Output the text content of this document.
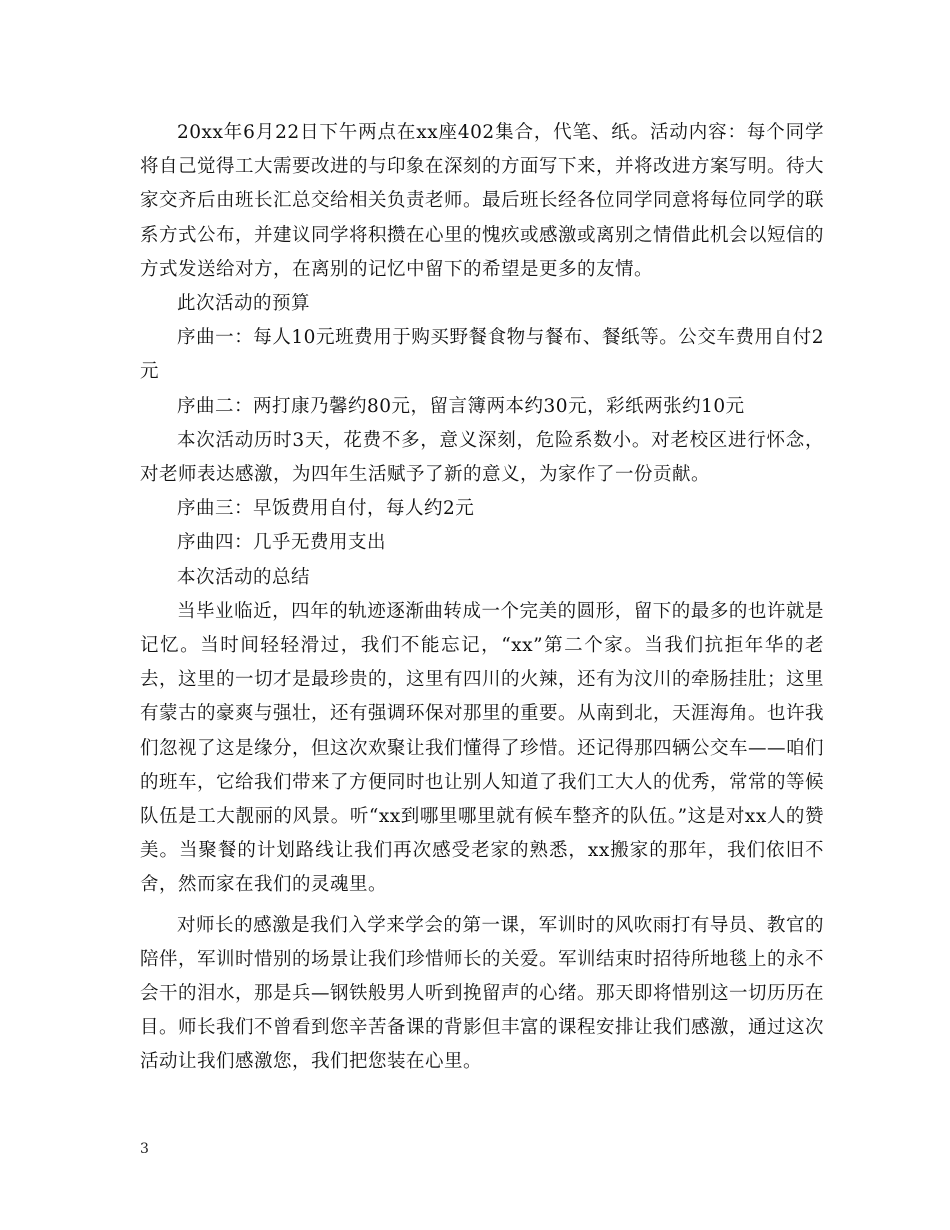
20xx年6月22日下午两点在xx座402集合，代笔、纸。活动内容：每个同学将自己觉得工大需要改进的与印象在深刻的方面写下来，并将改进方案写明。待大家交齐后由班长汇总交给相关负责老师。最后班长经各位同学同意将每位同学的联系方式公布，并建议同学将积攒在心里的愧疚或感激或离别之情借此机会以短信的方式发送给对方，在离别的记忆中留下的希望是更多的友情。

此次活动的预算

序曲一：每人10元班费用于购买野餐食物与餐布、餐纸等。公交车费用自付2元

序曲二：两打康乃馨约80元，留言簿两本约30元，彩纸两张约10元

本次活动历时3天，花费不多，意义深刻，危险系数小。对老校区进行怀念，对老师表达感激，为四年生活赋予了新的意义，为家作了一份贡献。

序曲三：早饭费用自付，每人约2元

序曲四：几乎无费用支出

本次活动的总结

当毕业临近，四年的轨迹逐渐曲转成一个完美的圆形，留下的最多的也许就是记忆。当时间轻轻滑过，我们不能忘记，“xx”第二个家。当我们抗拒年华的老去，这里的一切才是最珍贵的，这里有四川的火辣，还有为汶川的牵肠挂肚；这里有蒙古的豪爽与强壮，还有强调环保对那里的重要。从南到北，天涯海角。也许我们忽视了这是缘分，但这次欢聚让我们懂得了珍惜。还记得那四辆公交车——咱们的班车，它给我们带来了方便同时也让别人知道了我们工大人的优秀，常常的等候队伍是工大靓丽的风景。听“xx到哪里哪里就有候车整齐的队伍。”这是对xx人的赞美。当聚餐的计划路线让我们再次感受老家的熟悉，xx搬家的那年，我们依旧不舍，然而家在我们的灵魂里。

对师长的感激是我们入学来学会的第一课，军训时的风吹雨打有导员、教官的陪伴，军训时惜别的场景让我们珍惜师长的关爱。军训结束时招待所地毯上的永不会干的泪水，那是兵—钢铁般男人听到挽留声的心绪。那天即将惜别这一切历历在目。师长我们不曾看到您辛苦备课的背影但丰富的课程安排让我们感激，通过这次活动让我们感激您，我们把您装在心里。

3
